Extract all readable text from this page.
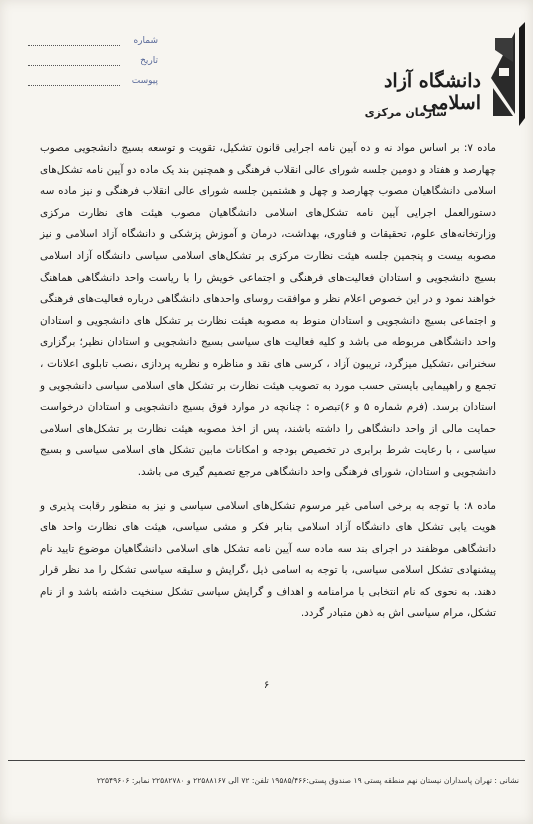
دانشگاه آزاد اسلامی
سازمان مرکزی
شماره
تاریخ
پیوست

ماده ۷: بر اساس مواد نه و ده آیین نامه اجرایی قانون تشکیل، تقویت و توسعه بسیج دانشجویی مصوب چهارصد و هفتاد و دومین جلسه شورای عالی انقلاب فرهنگی و همچنین بند یک ماده دو آیین نامه تشکل‌های اسلامی دانشگاهیان مصوب چهارصد و چهل و هشتمین جلسه شورای عالی انقلاب فرهنگی و نیز ماده سه دستورالعمل اجرایی آیین نامه تشکل‌های اسلامی دانشگاهیان مصوب هیئت های نظارت مرکزی وزارتخانه‌های علوم، تحقیقات و فناوری، بهداشت، درمان و آموزش پزشکی و دانشگاه آزاد اسلامی و نیز مصوبه بیست و پنجمین جلسه هیئت نظارت مرکزی بر تشکل‌های اسلامی سیاسی دانشگاه آزاد اسلامی بسیج دانشجویی و استادان فعالیت‌های فرهنگی و اجتماعی خویش را با ریاست واحد دانشگاهی هماهنگ خواهند نمود و در این خصوص اعلام نظر و موافقت روسای واحدهای دانشگاهی درباره فعالیت‌های فرهنگی و اجتماعی بسیج دانشجویی و استادان منوط به مصوبه هیئت نظارت بر تشکل های دانشجویی و استادان واحد دانشگاهی مربوطه می باشد و کلیه فعالیت های سیاسی بسیج دانشجویی و استادان نظیر؛ برگزاری سخنرانی ،تشکیل میزگرد، تریبون آزاد ، کرسی های نقد و مناظره و نظریه پردازی ،نصب تابلوی اعلانات ، تجمع و راهپیمایی بایستی حسب مورد به تصویب هیئت نظارت بر تشکل های اسلامی سیاسی دانشجویی و استادان برسد. (فرم شماره ۵ و ۶)تبصره : چنانچه در موارد فوق بسیج دانشجویی و استادان درخواست حمایت مالی از واحد دانشگاهی را داشته باشند، پس از اخذ مصوبه هیئت نظارت بر تشکل‌های اسلامی سیاسی ، با رعایت شرط برابری در تخصیص بودجه و امکانات مابین تشکل های اسلامی سیاسی و بسیج دانشجویی و استادان، شورای فرهنگی واحد دانشگاهی مرجع تصمیم گیری می باشد.

ماده ۸: با توجه به برخی اسامی غیر مرسوم تشکل‌های اسلامی سیاسی و نیز به منظور رقابت پذیری و هویت یابی تشکل های دانشگاه آزاد اسلامی بنابر فکر و مشی سیاسی، هیئت های نظارت واحد های دانشگاهی موظفند در اجرای بند سه ماده سه آیین نامه تشکل های اسلامی دانشگاهیان موضوع تایید نام پیشنهادی تشکل اسلامی سیاسی، با توجه به اسامی ذیل ،گرایش و سلیقه سیاسی تشکل را مد نظر قرار دهند. به نحوی که نام انتخابی با مرامنامه و اهداف و گرایش سیاسی تشکل سنخیت داشته باشد و از نام تشکل، مرام سیاسی اش به ذهن متبادر گردد.

۶
نشانی : تهران پاسداران نیستان نهم منطقه پستی ۱۹ صندوق پستی:۱۹۵۸۵/۴۶۶ تلفن: ۷۲ الی ۲۲۵۸۸۱۶۷ و ۲۲۵۸۲۷۸۰ نمابر: ۲۲۵۴۹۶۰۶
